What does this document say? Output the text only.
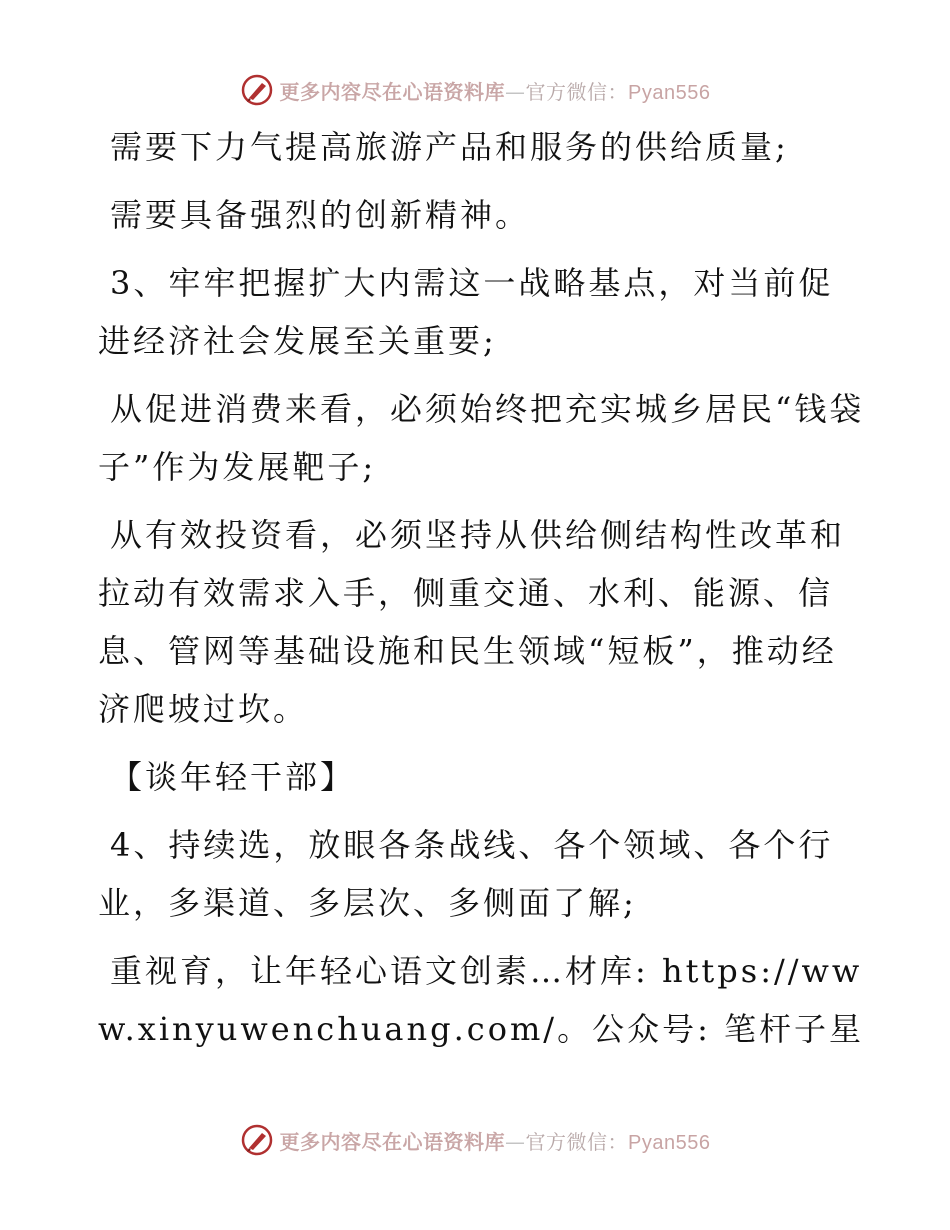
更多内容尽在心语资料库—官方微信：Pyan556

需要下力气提高旅游产品和服务的供给质量;

需要具备强烈的创新精神。

3、牢牢把握扩大内需这一战略基点，对当前促进经济社会发展至关重要;

从促进消费来看，必须始终把充实城乡居民“钱袋子”作为发展靶子;

从有效投资看，必须坚持从供给侧结构性改革和拉动有效需求入手，侧重交通、水利、能源、信息、管网等基础设施和民生领域“短板”，推动经济爬坡过坎。

【谈年轻干部】

4、持续选，放眼各条战线、各个领域、各个行业，多渠道、多层次、多侧面了解;

重视育，让年轻心语文创素…材库: https://www.xinyuwenchuang.com/。公众号: 笔杆子星

更多内容尽在心语资料库—官方微信：Pyan556
